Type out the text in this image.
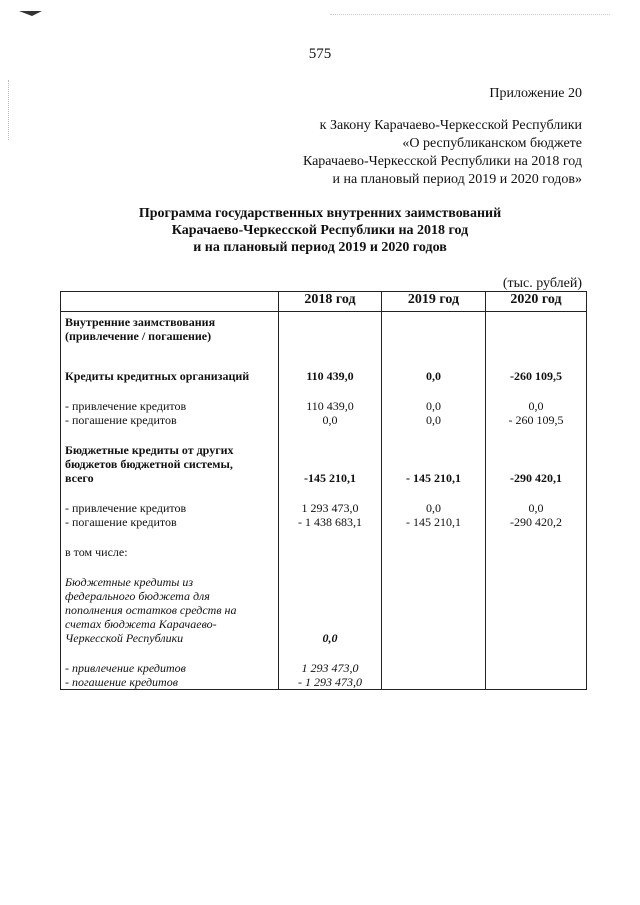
575
Приложение 20
к Закону Карачаево-Черкесской Республики
«О республиканском бюджете
Карачаево-Черкесской Республики на 2018 год
и на плановый период 2019 и 2020 годов»
Программа государственных внутренних заимствований
Карачаево-Черкесской Республики на 2018 год
и на плановый период 2019 и 2020 годов
(тыс. рублей)
	2018 год	2019 год	2020 год

Внутренние заимствования
(привлечение / погашение)			

Кредиты кредитных организаций	110 439,0	0,0	-260 109,5

- привлечение кредитов	110 439,0	0,0	0,0

- погашение кредитов	0,0	0,0	- 260 109,5

Бюджетные кредиты от других
бюджетов бюджетной системы,
всего	-145 210,1	- 145 210,1	-290 420,1

- привлечение кредитов	1 293 473,0	0,0	0,0

- погашение кредитов	- 1 438 683,1	- 145 210,1	-290 420,2

в том числе:			

Бюджетные кредиты из
федерального бюджета для
пополнения остатков средств на
счетах бюджета Карачаево-
Черкесской Республики	0,0		

- привлечение кредитов	1 293 473,0		

- погашение кредитов	- 1 293 473,0		
